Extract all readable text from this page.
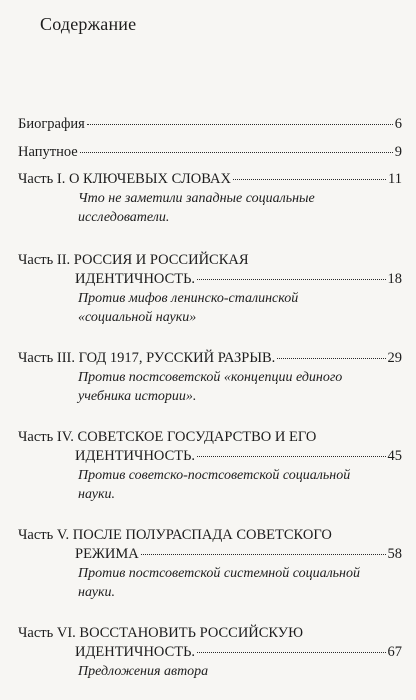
Содержание
Биография	6
Напутное	9
Часть I. О КЛЮЧЕВЫХ СЛОВАХ	11
Что не заметили западные социальные
исследователи.
Часть II. РОССИЯ И РОССИЙСКАЯ
ИДЕНТИЧНОСТЬ.	18
Против мифов ленинско-сталинской
«социальной науки»
Часть III. ГОД 1917, РУССКИЙ РАЗРЫВ.	29
Против постсоветской «концепции единого
учебника истории».
Часть IV. СОВЕТСКОЕ ГОСУДАРСТВО И ЕГО
ИДЕНТИЧНОСТЬ.	45
Против советско-постсоветской социальной
науки.
Часть V. ПОСЛЕ ПОЛУРАСПАДА СОВЕТСКОГО
РЕЖИМА	58
Против постсоветской системной социальной
науки.
Часть VI. ВОССТАНОВИТЬ РОССИЙСКУЮ
ИДЕНТИЧНОСТЬ.	67
Предложения автора
